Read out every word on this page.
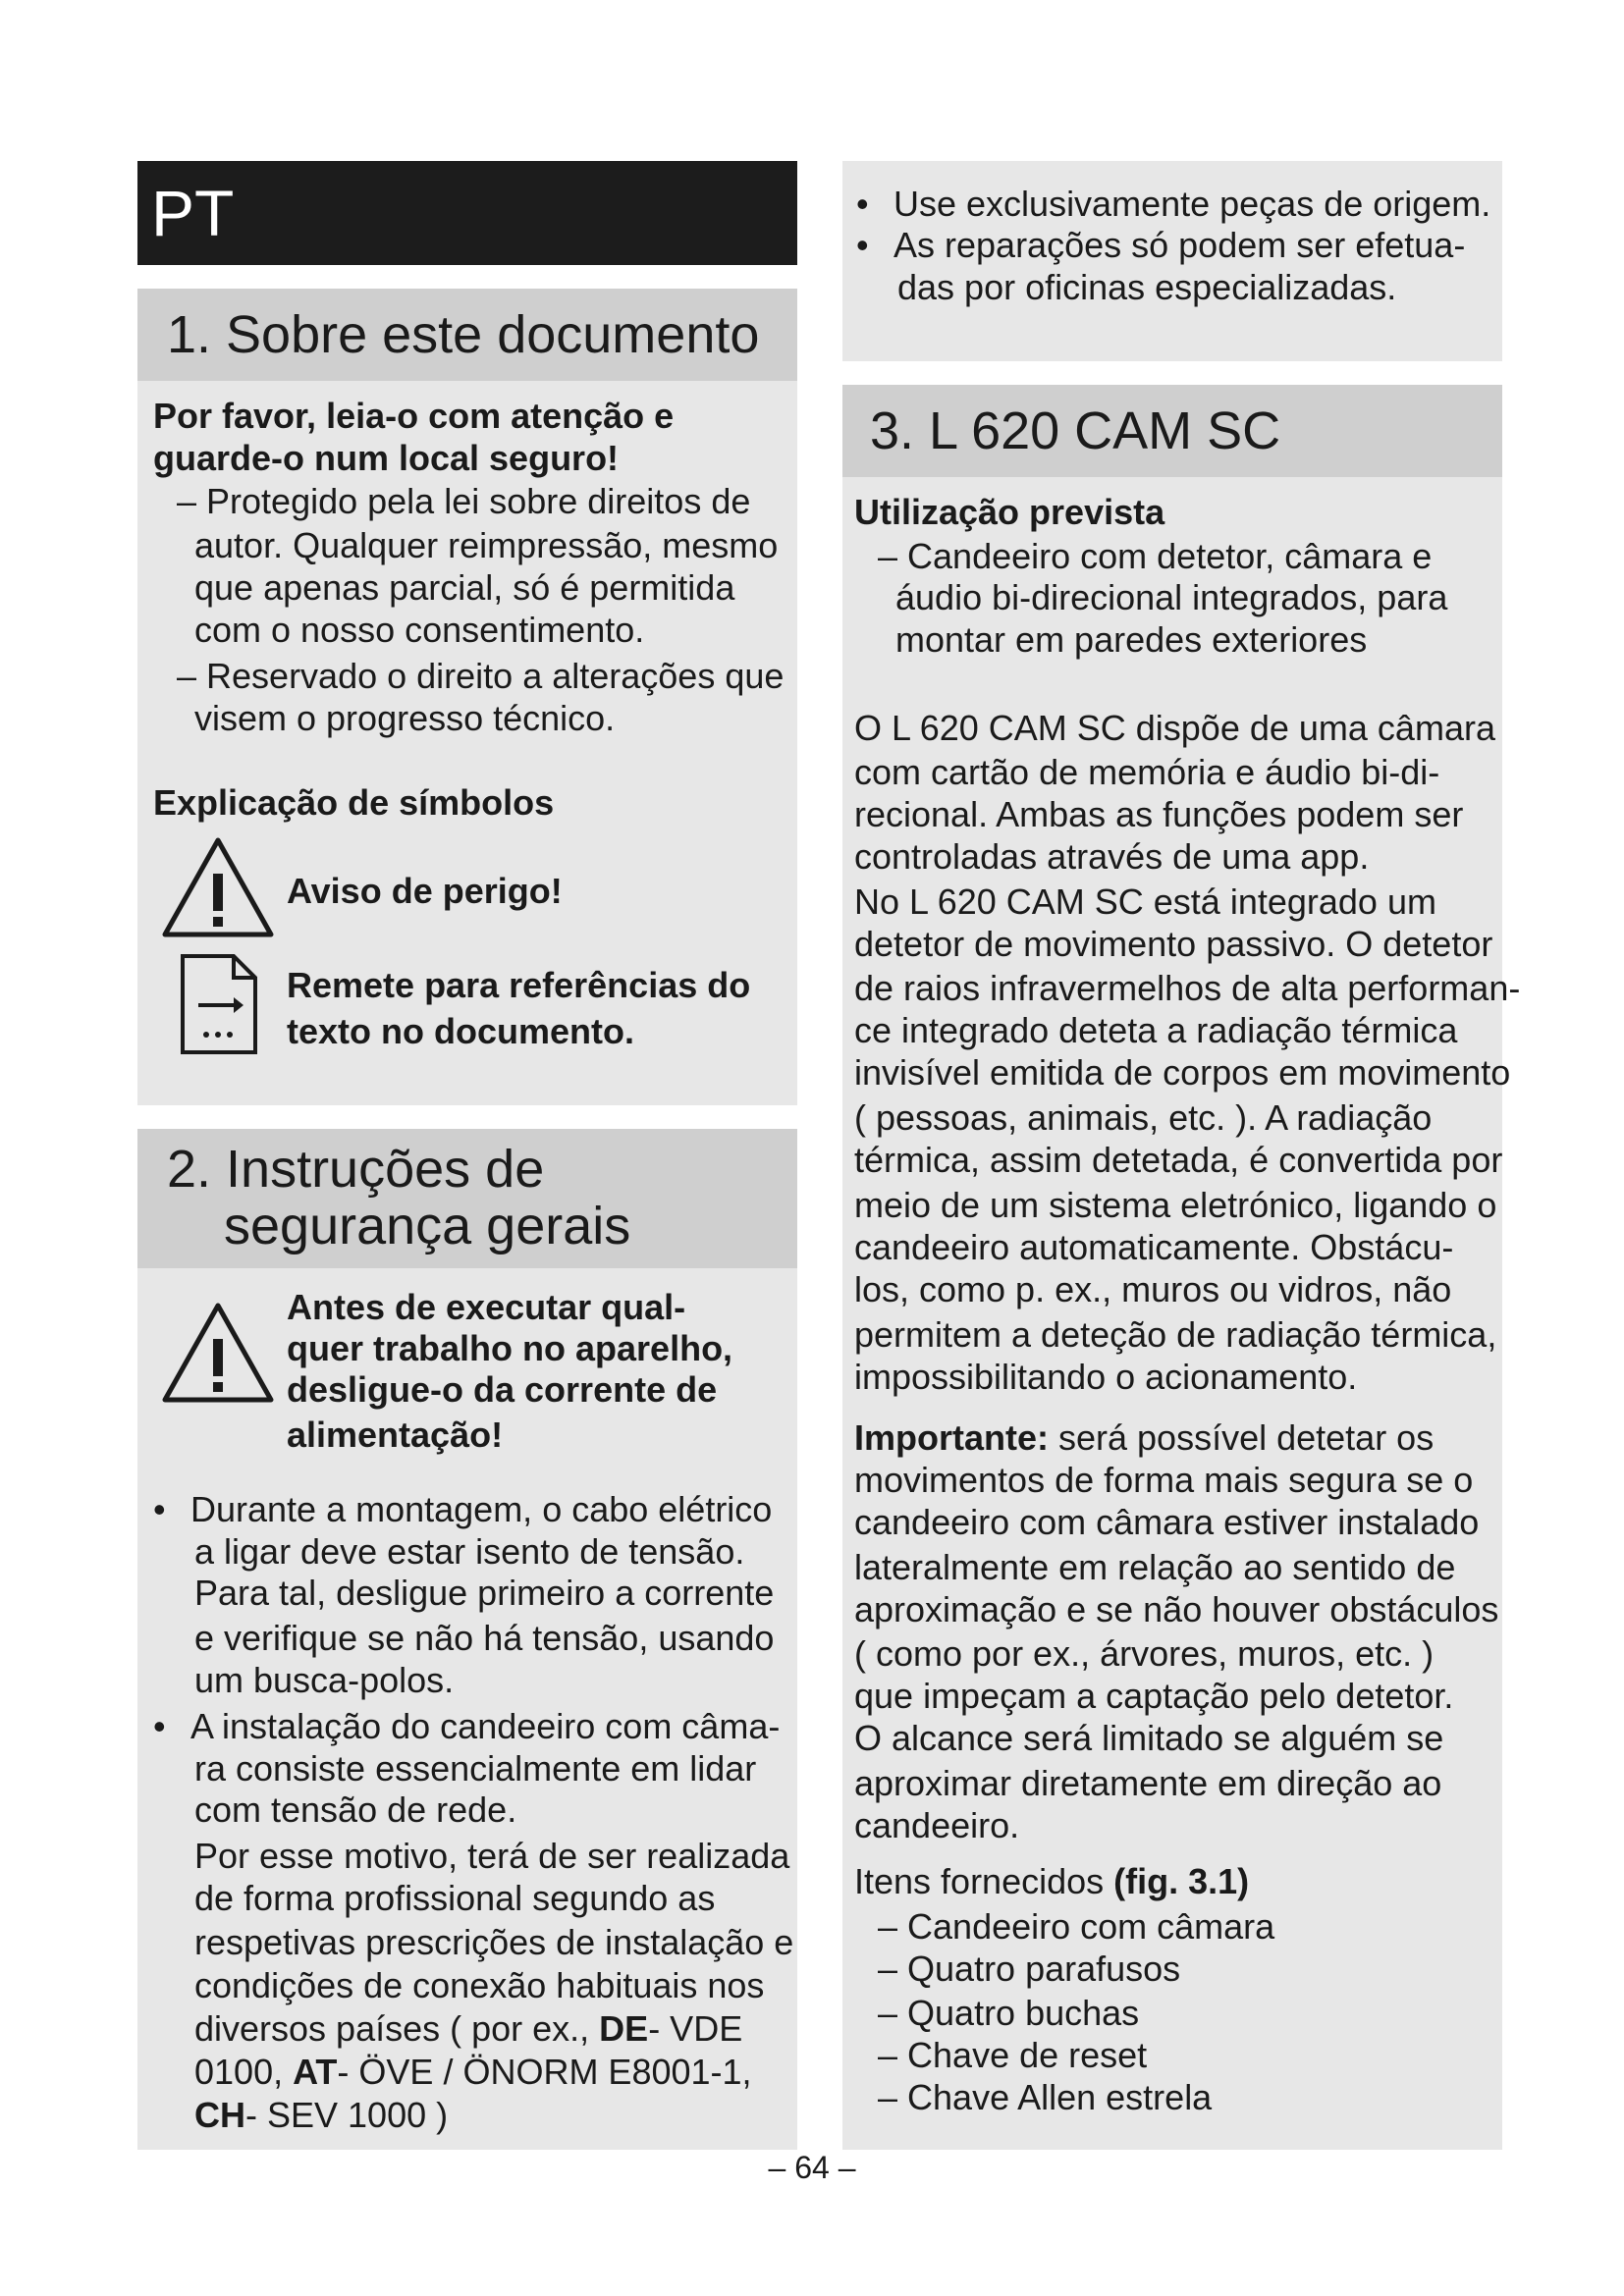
PT
1. Sobre este documento
Por favor, leia-o com atenção e
guarde-o num local seguro!
– Protegido pela lei sobre direitos de
autor. Qualquer reimpressão, mesmo
que apenas parcial, só é permitida
com o nosso consentimento.
– Reservado o direito a alterações que
visem o progresso técnico.
Explicação de símbolos
Aviso de perigo!
Remete para referências do
texto no documento.
2. Instruções de
segurança gerais
Antes de executar qual-
quer trabalho no aparelho,
desligue-o da corrente de
alimentação!
• Durante a montagem, o cabo elétrico
a ligar deve estar isento de tensão.
Para tal, desligue primeiro a corrente
e verifique se não há tensão, usando
um busca-polos.
• A instalação do candeeiro com câma-
ra consiste essencialmente em lidar
com tensão de rede.
Por esse motivo, terá de ser realizada
de forma profissional segundo as
respetivas prescrições de instalação e
condições de conexão habituais nos
diversos países ( por ex., DE- VDE
0100, AT- ÖVE / ÖNORM E8001-1,
CH- SEV 1000 )
• Use exclusivamente peças de origem.
• As reparações só podem ser efetua-
das por oficinas especializadas.
3. L 620 CAM SC
Utilização prevista
– Candeeiro com detetor, câmara e
áudio bi-direcional integrados, para
montar em paredes exteriores
O L 620 CAM SC dispõe de uma câmara
com cartão de memória e áudio bi-di-
recional. Ambas as funções podem ser
controladas através de uma app.
No L 620 CAM SC está integrado um
detetor de movimento passivo. O detetor
de raios infravermelhos de alta performan-
ce integrado deteta a radiação térmica
invisível emitida de corpos em movimento
( pessoas, animais, etc. ). A radiação
térmica, assim detetada, é convertida por
meio de um sistema eletrónico, ligando o
candeeiro automaticamente. Obstácu-
los, como p. ex., muros ou vidros, não
permitem a deteção de radiação térmica,
impossibilitando o acionamento.
Importante: será possível detetar os
movimentos de forma mais segura se o
candeeiro com câmara estiver instalado
lateralmente em relação ao sentido de
aproximação e se não houver obstáculos
( como por ex., árvores, muros, etc. )
que impeçam a captação pelo detetor.
O alcance será limitado se alguém se
aproximar diretamente em direção ao
candeeiro.
Itens fornecidos (fig. 3.1)
– Candeeiro com câmara
– Quatro parafusos
– Quatro buchas
– Chave de reset
– Chave Allen estrela
– 64 –
